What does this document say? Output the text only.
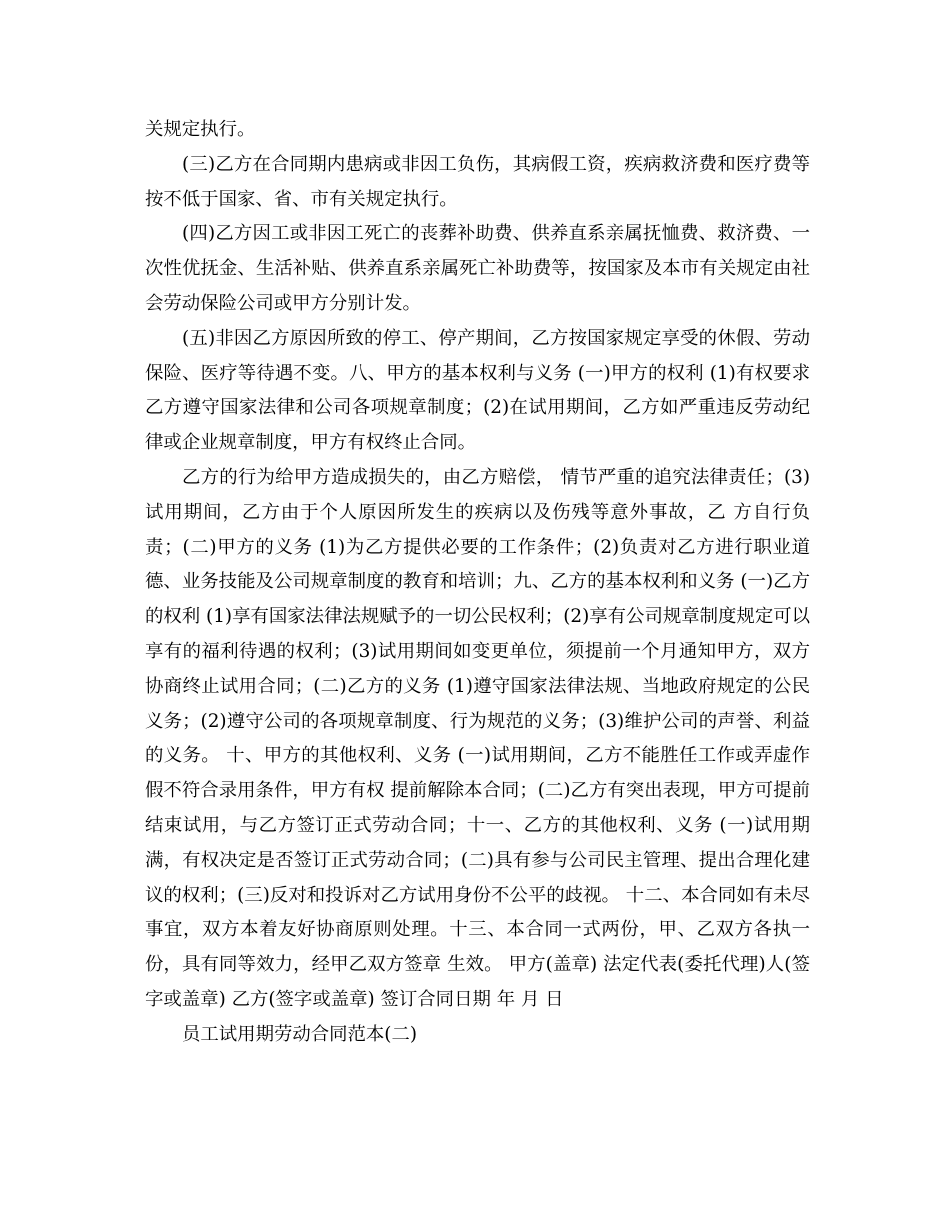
关规定执行。

(三)乙方在合同期内患病或非因工负伤，其病假工资，疾病救济费和医疗费等按不低于国家、省、市有关规定执行。

(四)乙方因工或非因工死亡的丧葬补助费、供养直系亲属抚恤费、救济费、一次性优抚金、生活补贴、供养直系亲属死亡补助费等，按国家及本市有关规定由社会劳动保险公司或甲方分别计发。

(五)非因乙方原因所致的停工、停产期间，乙方按国家规定享受的休假、劳动保险、医疗等待遇不变。八、甲方的基本权利与义务 (一)甲方的权利 (1)有权要求乙方遵守国家法律和公司各项规章制度；(2)在试用期间，乙方如严重违反劳动纪律或企业规章制度，甲方有权终止合同。

乙方的行为给甲方造成损失的，由乙方赔偿， 情节严重的追究法律责任；(3)试用期间，乙方由于个人原因所发生的疾病以及伤残等意外事故，乙 方自行负责；(二)甲方的义务 (1)为乙方提供必要的工作条件；(2)负责对乙方进行职业道德、业务技能及公司规章制度的教育和培训；九、乙方的基本权利和义务 (一)乙方的权利 (1)享有国家法律法规赋予的一切公民权利；(2)享有公司规章制度规定可以享有的福利待遇的权利；(3)试用期间如变更单位，须提前一个月通知甲方，双方协商终止试用合同；(二)乙方的义务 (1)遵守国家法律法规、当地政府规定的公民义务；(2)遵守公司的各项规章制度、行为规范的义务；(3)维护公司的声誉、利益的义务。 十、甲方的其他权利、义务 (一)试用期间，乙方不能胜任工作或弄虚作假不符合录用条件，甲方有权 提前解除本合同；(二)乙方有突出表现，甲方可提前结束试用，与乙方签订正式劳动合同；十一、乙方的其他权利、义务 (一)试用期满，有权决定是否签订正式劳动合同；(二)具有参与公司民主管理、提出合理化建议的权利；(三)反对和投诉对乙方试用身份不公平的歧视。 十二、本合同如有未尽事宜，双方本着友好协商原则处理。十三、本合同一式两份，甲、乙双方各执一份，具有同等效力，经甲乙双方签章 生效。 甲方(盖章) 法定代表(委托代理)人(签字或盖章) 乙方(签字或盖章) 签订合同日期 年 月 日

员工试用期劳动合同范本(二)
